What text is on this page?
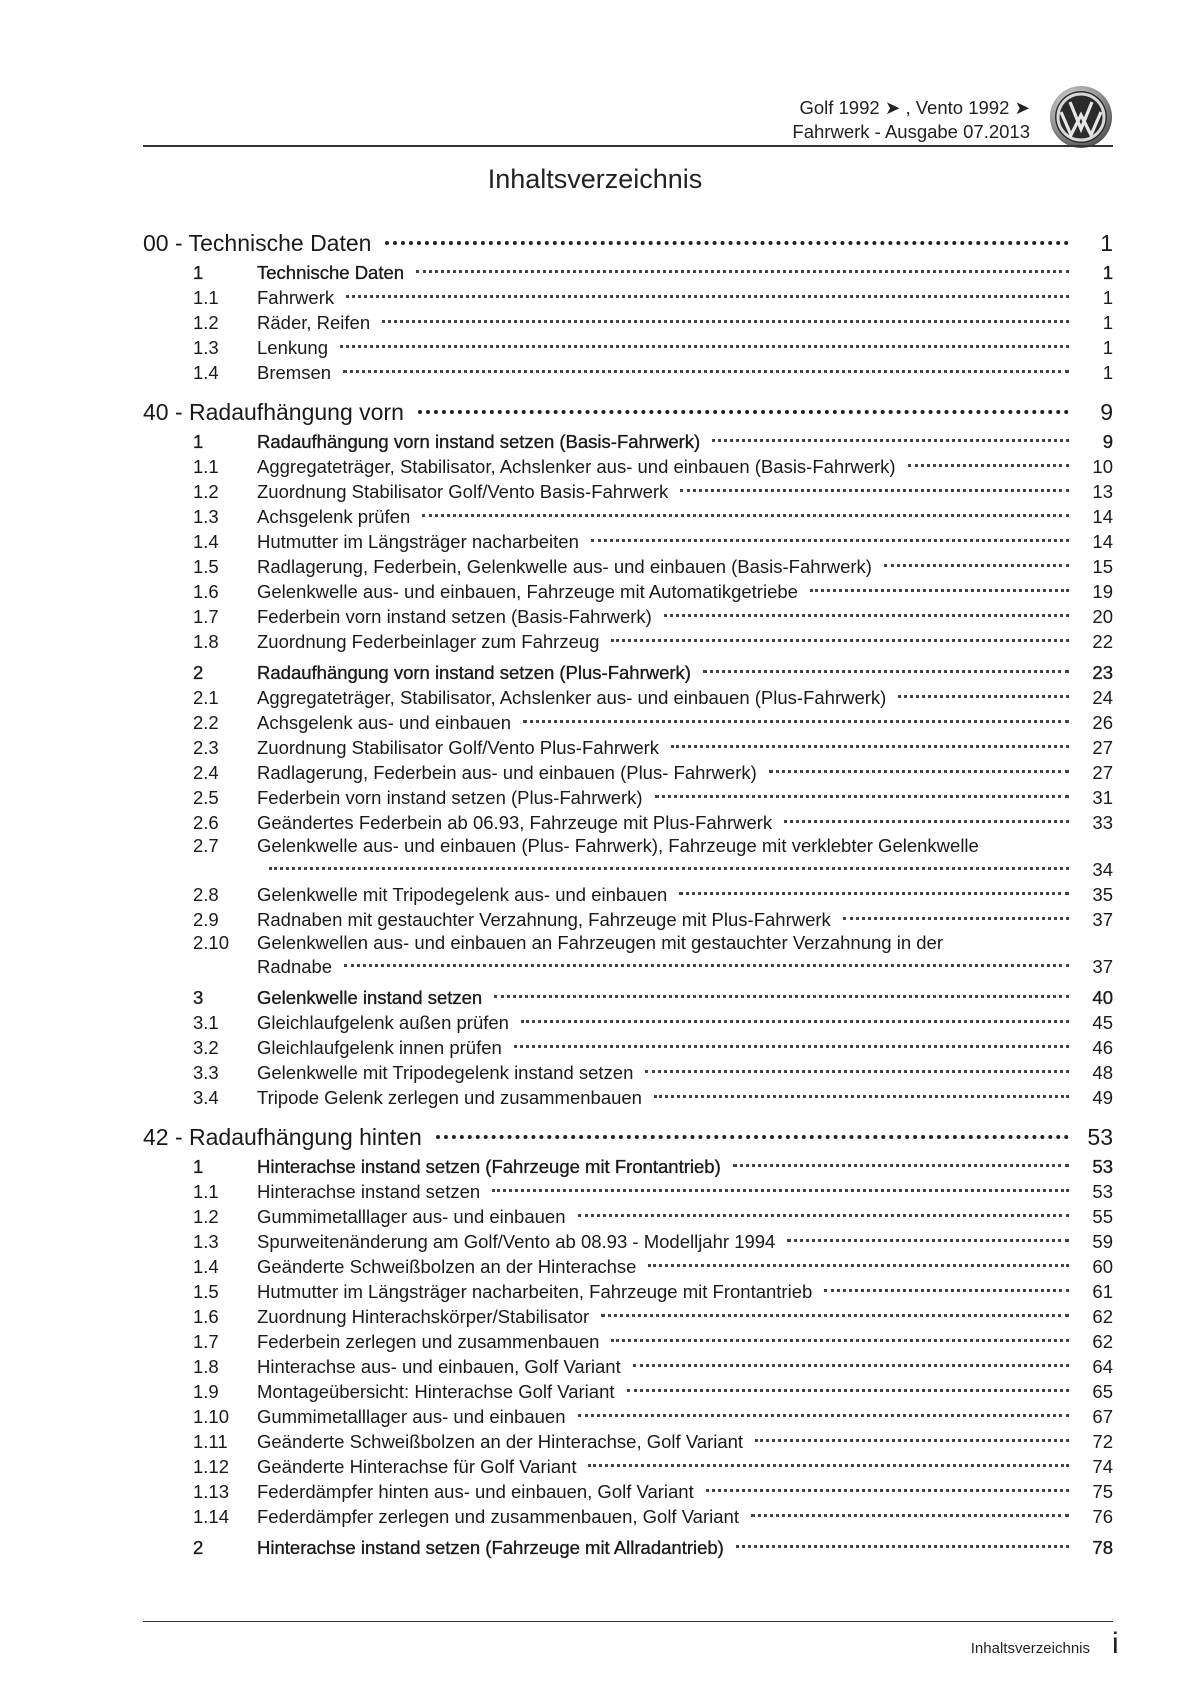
Golf 1992 ➤ , Vento 1992 ➤
Fahrwerk - Ausgabe 07.2013
Inhaltsverzeichnis
00 - Technische Daten	1
1	Technische Daten	1
1.1	Fahrwerk	1
1.2	Räder, Reifen	1
1.3	Lenkung	1
1.4	Bremsen	1
40 - Radaufhängung vorn	9
1	Radaufhängung vorn instand setzen (Basis-Fahrwerk)	9
1.1	Aggregateträger, Stabilisator, Achslenker aus- und einbauen (Basis-Fahrwerk)	10
1.2	Zuordnung Stabilisator Golf/Vento Basis-Fahrwerk	13
1.3	Achsgelenk prüfen	14
1.4	Hutmutter im Längsträger nacharbeiten	14
1.5	Radlagerung, Federbein, Gelenkwelle aus- und einbauen (Basis-Fahrwerk)	15
1.6	Gelenkwelle aus- und einbauen, Fahrzeuge mit Automatikgetriebe	19
1.7	Federbein vorn instand setzen (Basis-Fahrwerk)	20
1.8	Zuordnung Federbeinlager zum Fahrzeug	22
2	Radaufhängung vorn instand setzen (Plus-Fahrwerk)	23
2.1	Aggregateträger, Stabilisator, Achslenker aus- und einbauen (Plus-Fahrwerk)	24
2.2	Achsgelenk aus- und einbauen	26
2.3	Zuordnung Stabilisator Golf/Vento Plus-Fahrwerk	27
2.4	Radlagerung, Federbein aus- und einbauen (Plus- Fahrwerk)	27
2.5	Federbein vorn instand setzen (Plus-Fahrwerk)	31
2.6	Geändertes Federbein ab 06.93, Fahrzeuge mit Plus-Fahrwerk	33
2.7	Gelenkwelle aus- und einbauen (Plus- Fahrwerk), Fahrzeuge mit verklebter Gelenkwelle
34
2.8	Gelenkwelle mit Tripodegelenk aus- und einbauen	35
2.9	Radnaben mit gestauchter Verzahnung, Fahrzeuge mit Plus-Fahrwerk	37
2.10	Gelenkwellen aus- und einbauen an Fahrzeugen mit gestauchter Verzahnung in der
Radnabe	37
3	Gelenkwelle instand setzen	40
3.1	Gleichlaufgelenk außen prüfen	45
3.2	Gleichlaufgelenk innen prüfen	46
3.3	Gelenkwelle mit Tripodegelenk instand setzen	48
3.4	Tripode Gelenk zerlegen und zusammenbauen	49
42 - Radaufhängung hinten	53
1	Hinterachse instand setzen (Fahrzeuge mit Frontantrieb)	53
1.1	Hinterachse instand setzen	53
1.2	Gummimetalllager aus- und einbauen	55
1.3	Spurweitenänderung am Golf/Vento ab 08.93 - Modelljahr 1994	59
1.4	Geänderte Schweißbolzen an der Hinterachse	60
1.5	Hutmutter im Längsträger nacharbeiten, Fahrzeuge mit Frontantrieb	61
1.6	Zuordnung Hinterachskörper/Stabilisator	62
1.7	Federbein zerlegen und zusammenbauen	62
1.8	Hinterachse aus- und einbauen, Golf Variant	64
1.9	Montageübersicht: Hinterachse Golf Variant	65
1.10	Gummimetalllager aus- und einbauen	67
1.11	Geänderte Schweißbolzen an der Hinterachse, Golf Variant	72
1.12	Geänderte Hinterachse für Golf Variant	74
1.13	Federdämpfer hinten aus- und einbauen, Golf Variant	75
1.14	Federdämpfer zerlegen und zusammenbauen, Golf Variant	76
2	Hinterachse instand setzen (Fahrzeuge mit Allradantrieb)	78
Inhaltsverzeichnis i
